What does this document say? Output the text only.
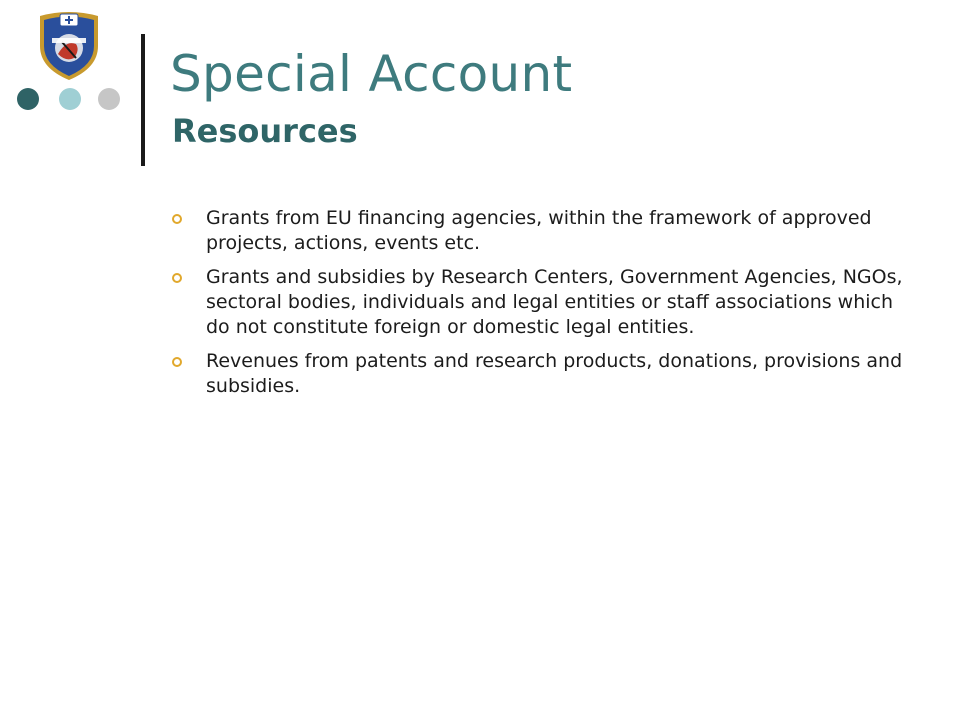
Special Account
Resources
Grants from EU financing agencies, within the framework of approved projects, actions, events etc.
Grants and subsidies by Research Centers, Government Agencies, NGOs, sectoral bodies, individuals and legal entities or staff associations which do not constitute foreign or domestic legal entities.
Revenues from patents and research products, donations, provisions and subsidies.
